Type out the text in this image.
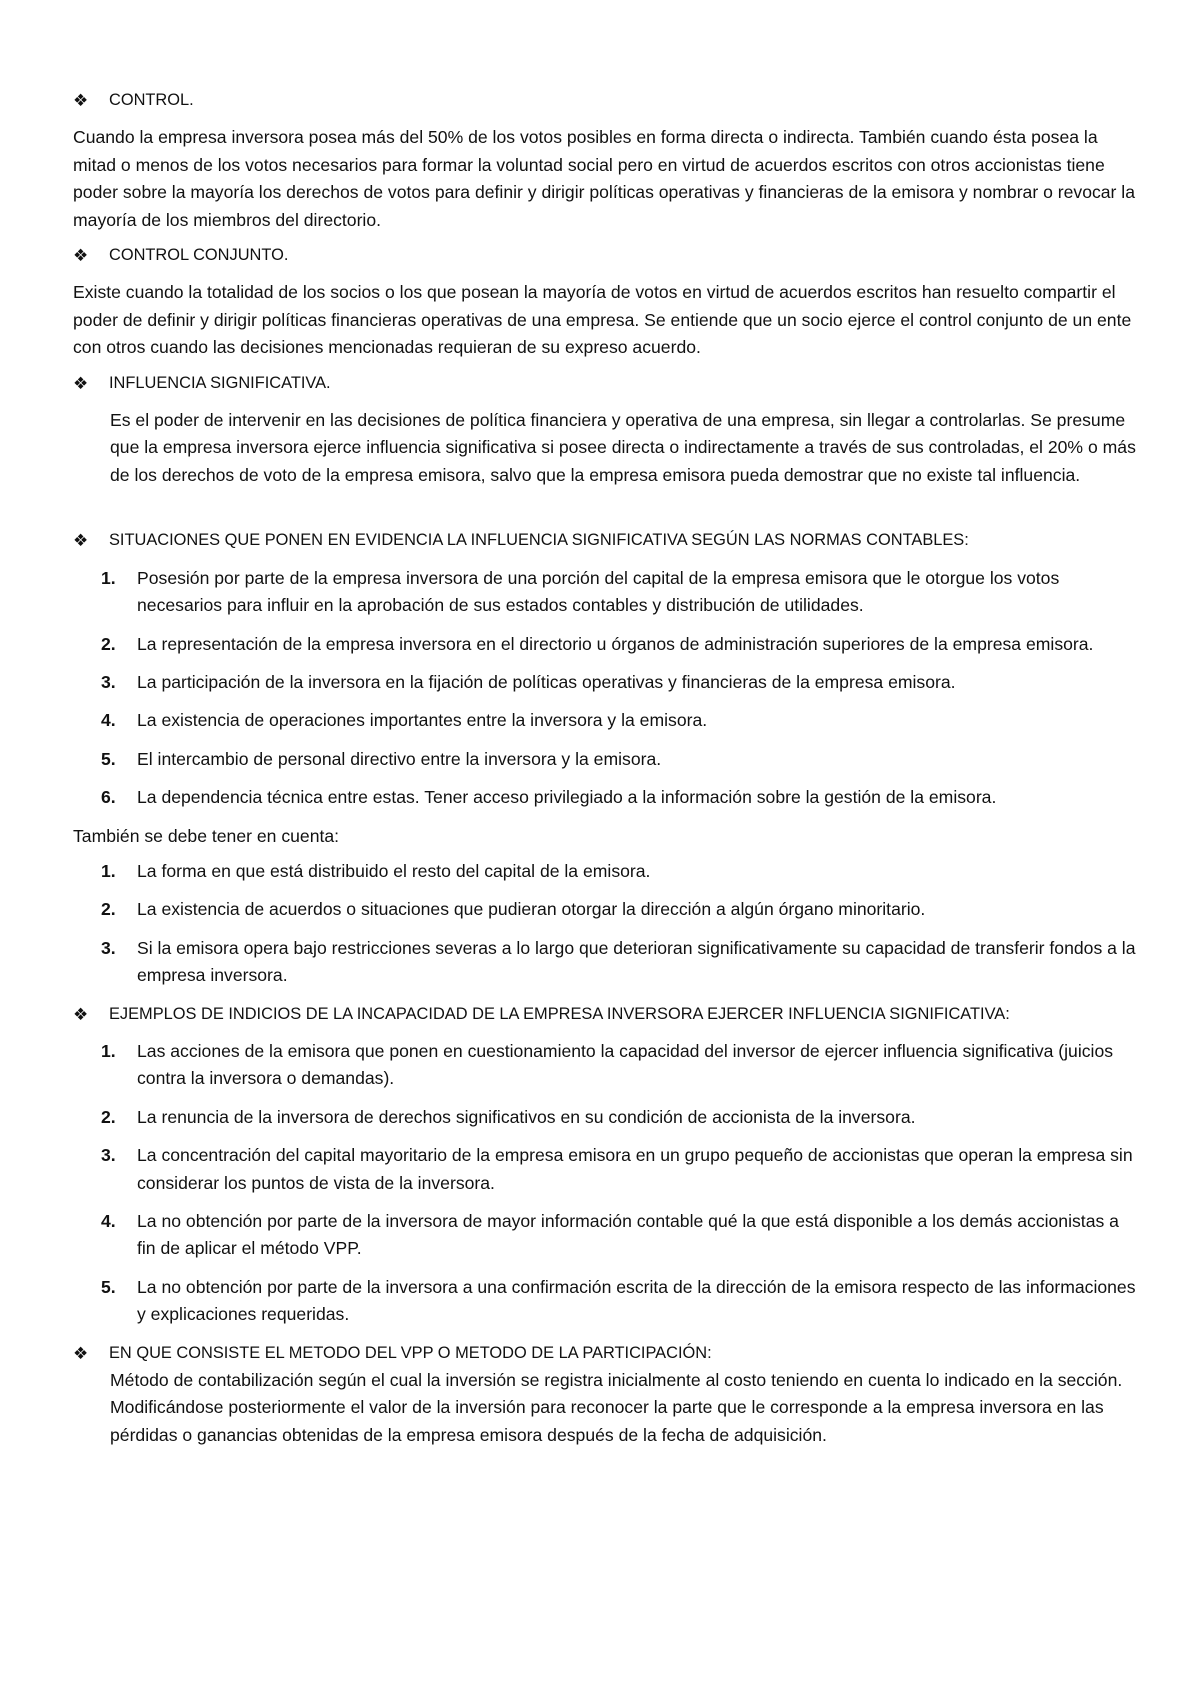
❖	CONTROL.

Cuando la empresa inversora posea más del 50% de los votos posibles en forma directa o indirecta. También cuando ésta posea la mitad o menos de los votos necesarios para formar la voluntad social pero en virtud de acuerdos escritos con otros accionistas tiene poder sobre la mayoría los derechos de votos para definir y dirigir políticas operativas y financieras de la emisora y nombrar o revocar la mayoría de los miembros del directorio.

❖	CONTROL CONJUNTO.

Existe cuando la totalidad de los socios o los que posean la mayoría de votos en virtud de acuerdos escritos han resuelto compartir el poder de definir y dirigir políticas financieras operativas de una empresa. Se entiende que un socio ejerce el control conjunto de un ente con otros cuando las decisiones mencionadas requieran de su expreso acuerdo.

❖	INFLUENCIA SIGNIFICATIVA.

Es el poder de intervenir en las decisiones de política financiera y operativa de una empresa, sin llegar a controlarlas. Se presume que la empresa inversora ejerce influencia significativa si posee directa o indirectamente a través de sus controladas, el 20% o más de los derechos de voto de la empresa emisora, salvo que la empresa emisora pueda demostrar que no existe tal influencia.

❖	SITUACIONES QUE PONEN EN EVIDENCIA LA INFLUENCIA SIGNIFICATIVA SEGÚN LAS NORMAS CONTABLES:
1.	Posesión por parte de la empresa inversora de una porción del capital de la empresa emisora que le otorgue los votos necesarios para influir en la aprobación de sus estados contables y distribución de utilidades.
2.	La representación de la empresa inversora en el directorio u órganos de administración superiores de la empresa emisora.
3.	La participación de la inversora en la fijación de políticas operativas y financieras de la empresa emisora.
4.	La existencia de operaciones importantes entre la inversora y la emisora.
5.	El intercambio de personal directivo entre la inversora y la emisora.
6.	La dependencia técnica entre estas. Tener acceso privilegiado a la información sobre la gestión de la emisora.

También se debe tener en cuenta:

1.	La forma en que está distribuido el resto del capital de la emisora.
2.	La existencia de acuerdos o situaciones que pudieran otorgar la dirección a algún órgano minoritario.
3.	Si la emisora opera bajo restricciones severas a lo largo que deterioran significativamente su capacidad de transferir fondos a la empresa inversora.
❖	EJEMPLOS DE INDICIOS DE LA INCAPACIDAD DE LA EMPRESA INVERSORA EJERCER INFLUENCIA SIGNIFICATIVA:
1.	Las acciones de la emisora que ponen en cuestionamiento la capacidad del inversor de ejercer influencia significativa (juicios contra la inversora o demandas).
2.	La renuncia de la inversora de derechos significativos en su condición de accionista de la inversora.
3.	La concentración del capital mayoritario de la empresa emisora en un grupo pequeño de accionistas que operan la empresa sin considerar los puntos de vista de la inversora.
4.	La no obtención por parte de la inversora de mayor información contable qué la que está disponible a los demás accionistas a fin de aplicar el método VPP.
5.	La no obtención por parte de la inversora a una confirmación escrita de la dirección de la emisora respecto de las informaciones y explicaciones requeridas.
❖	EN QUE CONSISTE EL METODO DEL VPP O METODO DE LA PARTICIPACIÓN:

Método de contabilización según el cual la inversión se registra inicialmente al costo teniendo en cuenta lo indicado en la sección. Modificándose posteriormente el valor de la inversión para reconocer la parte que le corresponde a la empresa inversora en las pérdidas o ganancias obtenidas de la empresa emisora después de la fecha de adquisición.
